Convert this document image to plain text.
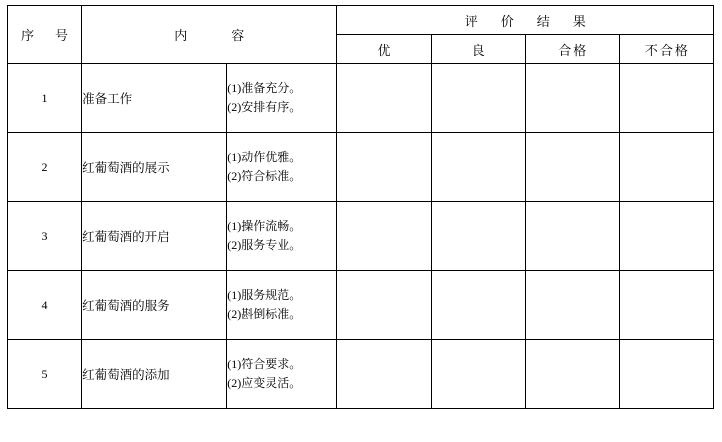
序　号	内　　容		评　价　结　果			
			优	良	合格	不合格
1	准备工作	(1)准备充分。
(2)安排有序。				

2	红葡萄酒的展示	(1)动作优雅。
(2)符合标准。				

3	红葡萄酒的开启	(1)操作流畅。
(2)服务专业。				

4	红葡萄酒的服务	(1)服务规范。
(2)斟倒标准。				

5	红葡萄酒的添加	(1)符合要求。
(2)应变灵活。				
